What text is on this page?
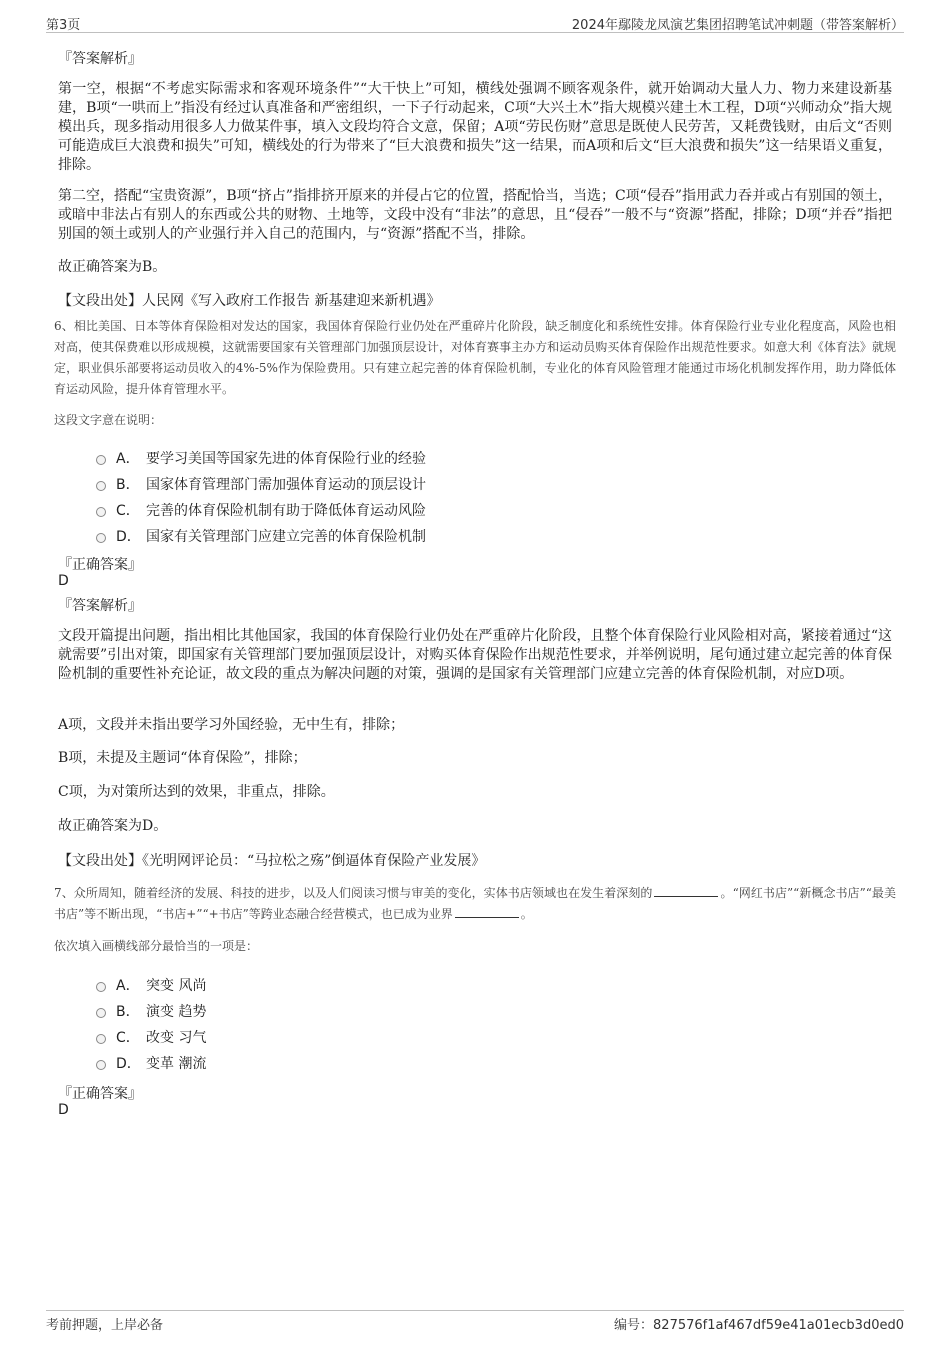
第3页	2024年鄢陵龙凤演艺集团招聘笔试冲刺题（带答案解析）
『答案解析』
第一空，根据“不考虑实际需求和客观环境条件”“大干快上”可知，横线处强调不顾客观条件，就开始调动大量人力、物力来建设新基建，B项“一哄而上”指没有经过认真准备和严密组织，一下子行动起来，C项“大兴土木”指大规模兴建土木工程，D项“兴师动众”指大规模出兵，现多指动用很多人力做某件事，填入文段均符合文意，保留；A项“劳民伤财”意思是既使人民劳苦，又耗费钱财，由后文“否则可能造成巨大浪费和损失”可知，横线处的行为带来了“巨大浪费和损失”这一结果，而A项和后文“巨大浪费和损失”这一结果语义重复，排除。
第二空，搭配“宝贵资源”，B项“挤占”指排挤开原来的并侵占它的位置，搭配恰当，当选；C项“侵吞”指用武力吞并或占有别国的领土，或暗中非法占有别人的东西或公共的财物、土地等，文段中没有“非法”的意思，且“侵吞”一般不与“资源”搭配，排除；D项“并吞”指把别国的领土或别人的产业强行并入自己的范围内，与“资源”搭配不当，排除。
故正确答案为B。
【文段出处】人民网《写入政府工作报告 新基建迎来新机遇》
6、相比美国、日本等体育保险相对发达的国家，我国体育保险行业仍处在严重碎片化阶段，缺乏制度化和系统性安排。体育保险行业专业化程度高，风险也相对高，使其保费难以形成规模，这就需要国家有关管理部门加强顶层设计，对体育赛事主办方和运动员购买体育保险作出规范性要求。如意大利《体育法》就规定，职业俱乐部要将运动员收入的4%-5%作为保险费用。只有建立起完善的体育保险机制，专业化的体育风险管理才能通过市场化机制发挥作用，助力降低体育运动风险，提升体育管理水平。
这段文字意在说明：
A． 要学习美国等国家先进的体育保险行业的经验
B． 国家体育管理部门需加强体育运动的顶层设计
C． 完善的体育保险机制有助于降低体育运动风险
D． 国家有关管理部门应建立完善的体育保险机制
『正确答案』
D
『答案解析』
文段开篇提出问题，指出相比其他国家，我国的体育保险行业仍处在严重碎片化阶段，且整个体育保险行业风险相对高，紧接着通过“这就需要”引出对策，即国家有关管理部门要加强顶层设计，对购买体育保险作出规范性要求，并举例说明，尾句通过建立起完善的体育保险机制的重要性补充论证，故文段的重点为解决问题的对策，强调的是国家有关管理部门应建立完善的体育保险机制，对应D项。
A项，文段并未指出要学习外国经验，无中生有，排除；
B项，未提及主题词“体育保险”，排除；
C项，为对策所达到的效果，非重点，排除。
故正确答案为D。
【文段出处】《光明网评论员：“马拉松之殇”倒逼体育保险产业发展》
7、众所周知，随着经济的发展、科技的进步，以及人们阅读习惯与审美的变化，实体书店领域也在发生着深刻的	。“网红书店”“新概念书店”“最美书店”等不断出现，“书店+”“+书店”等跨业态融合经营模式，也已成为业界	。
依次填入画横线部分最恰当的一项是：
A． 突变 风尚
B． 演变 趋势
C． 改变 习气
D． 变革 潮流
『正确答案』
D
考前押题，上岸必备	编号：827576f1af467df59e41a01ecb3d0ed0
